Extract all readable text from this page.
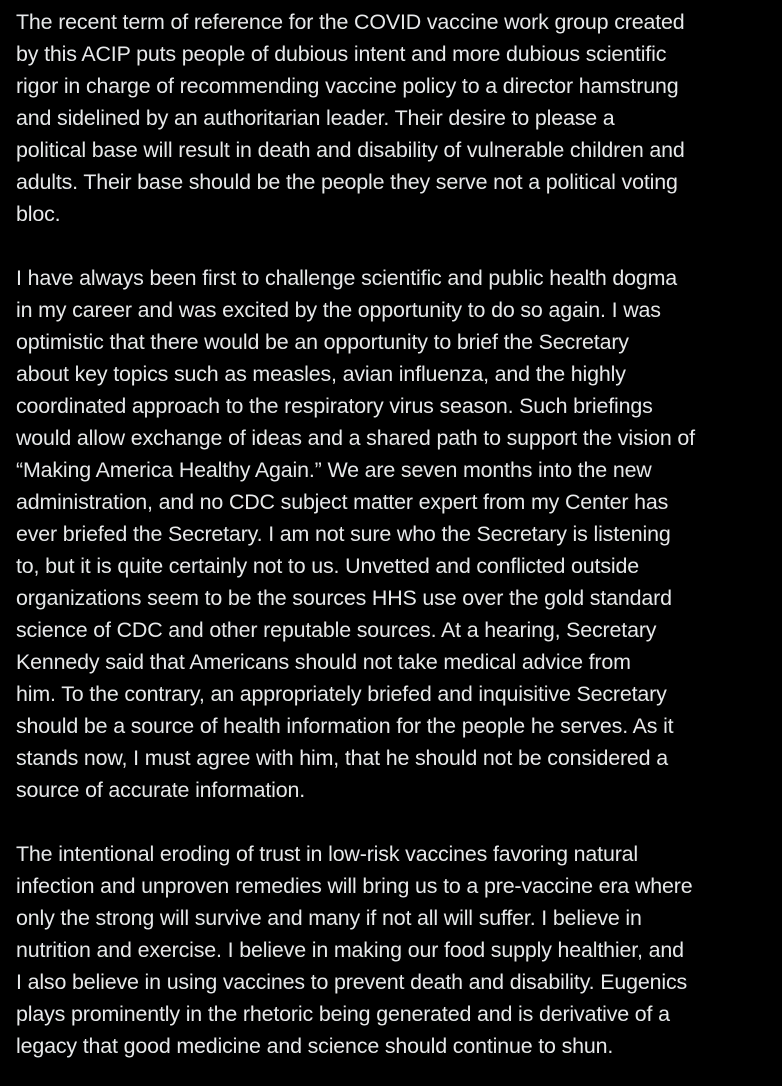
The recent term of reference for the COVID vaccine work group created
by this ACIP puts people of dubious intent and more dubious scientific
rigor in charge of recommending vaccine policy to a director hamstrung
and sidelined by an authoritarian leader. Their desire to please a
political base will result in death and disability of vulnerable children and
adults. Their base should be the people they serve not a political voting
bloc.
I have always been first to challenge scientific and public health dogma
in my career and was excited by the opportunity to do so again. I was
optimistic that there would be an opportunity to brief the Secretary
about key topics such as measles, avian influenza, and the highly
coordinated approach to the respiratory virus season. Such briefings
would allow exchange of ideas and a shared path to support the vision of
“Making America Healthy Again.” We are seven months into the new
administration, and no CDC subject matter expert from my Center has
ever briefed the Secretary. I am not sure who the Secretary is listening
to, but it is quite certainly not to us. Unvetted and conflicted outside
organizations seem to be the sources HHS use over the gold standard
science of CDC and other reputable sources. At a hearing, Secretary
Kennedy said that Americans should not take medical advice from
him. To the contrary, an appropriately briefed and inquisitive Secretary
should be a source of health information for the people he serves. As it
stands now, I must agree with him, that he should not be considered a
source of accurate information.
The intentional eroding of trust in low-risk vaccines favoring natural
infection and unproven remedies will bring us to a pre-vaccine era where
only the strong will survive and many if not all will suffer. I believe in
nutrition and exercise. I believe in making our food supply healthier, and
I also believe in using vaccines to prevent death and disability. Eugenics
plays prominently in the rhetoric being generated and is derivative of a
legacy that good medicine and science should continue to shun.
